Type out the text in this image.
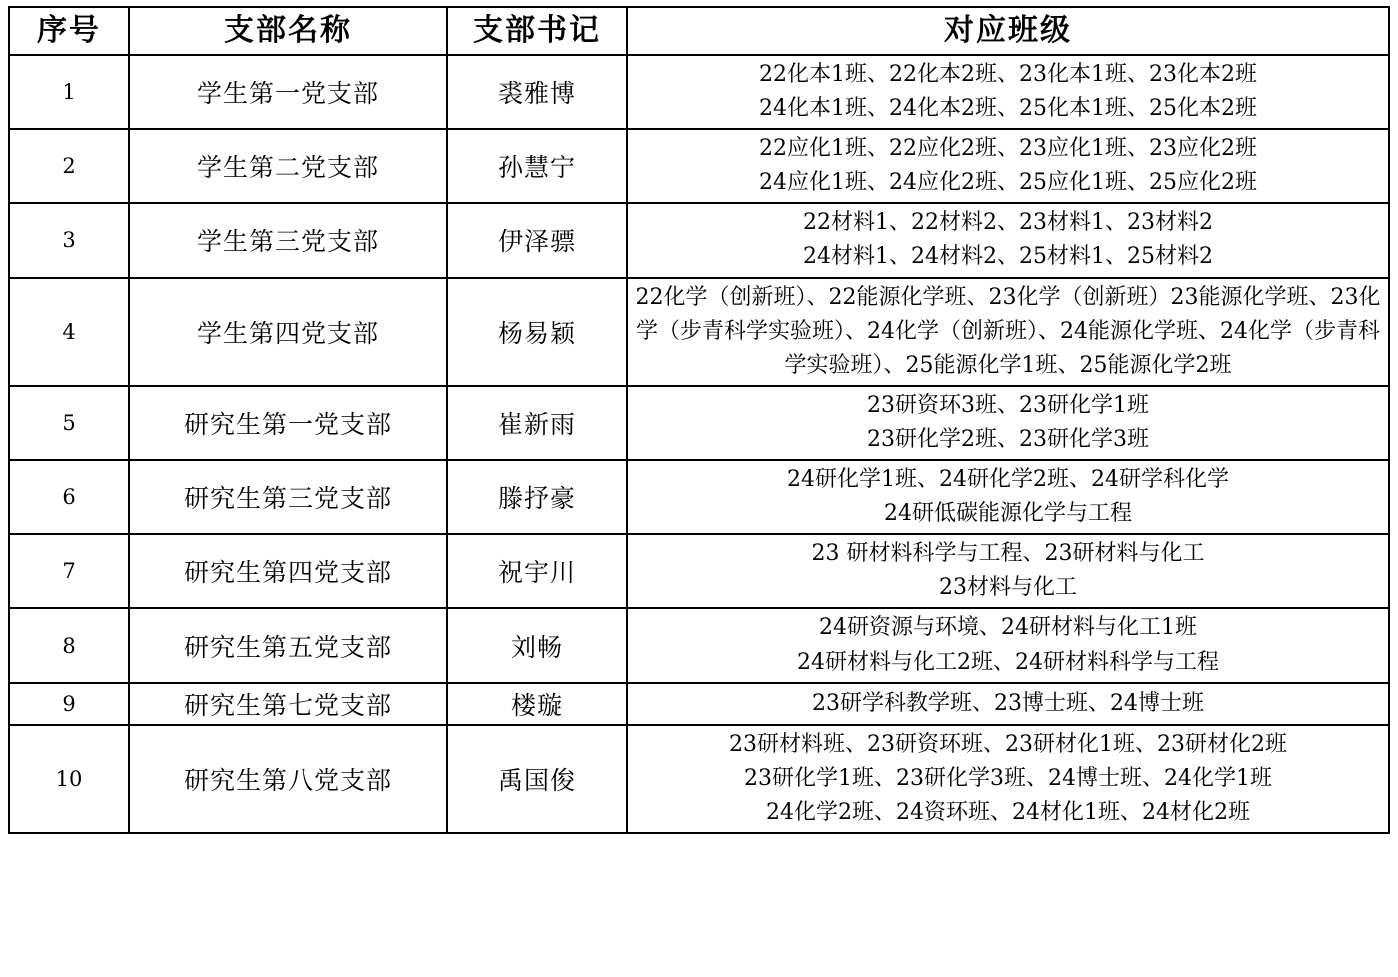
序号	支部名称	支部书记	对应班级
1	学生第一党支部	裘雅博	22化本1班、22化本2班、23化本1班、23化本2班
24化本1班、24化本2班、25化本1班、25化本2班

2	学生第二党支部	孙慧宁	22应化1班、22应化2班、23应化1班、23应化2班
24应化1班、24应化2班、25应化1班、25应化2班

3	学生第三党支部	伊泽骠	22材料1、22材料2、23材料1、23材料2
24材料1、24材料2、25材料1、25材料2

4	学生第四党支部	杨易颖	22化学（创新班）、22能源化学班、23化学（创新班）23能源化学班、23化学（步青科学实验班）、24化学（创新班）、24能源化学班、24化学（步青科学实验班）、25能源化学1班、25能源化学2班

5	研究生第一党支部	崔新雨	23研资环3班、23研化学1班
23研化学2班、23研化学3班

6	研究生第三党支部	滕抒豪	24研化学1班、24研化学2班、24研学科化学
24研低碳能源化学与工程

7	研究生第四党支部	祝宇川	23 研材料科学与工程、23研材料与化工
23材料与化工

8	研究生第五党支部	刘畅	24研资源与环境、24研材料与化工1班
24研材料与化工2班、24研材料科学与工程

9	研究生第七党支部	楼璇	23研学科教学班、23博士班、24博士班

10	研究生第八党支部	禹国俊	23研材料班、23研资环班、23研材化1班、23研材化2班
23研化学1班、23研化学3班、24博士班、24化学1班
24化学2班、24资环班、24材化1班、24材化2班
